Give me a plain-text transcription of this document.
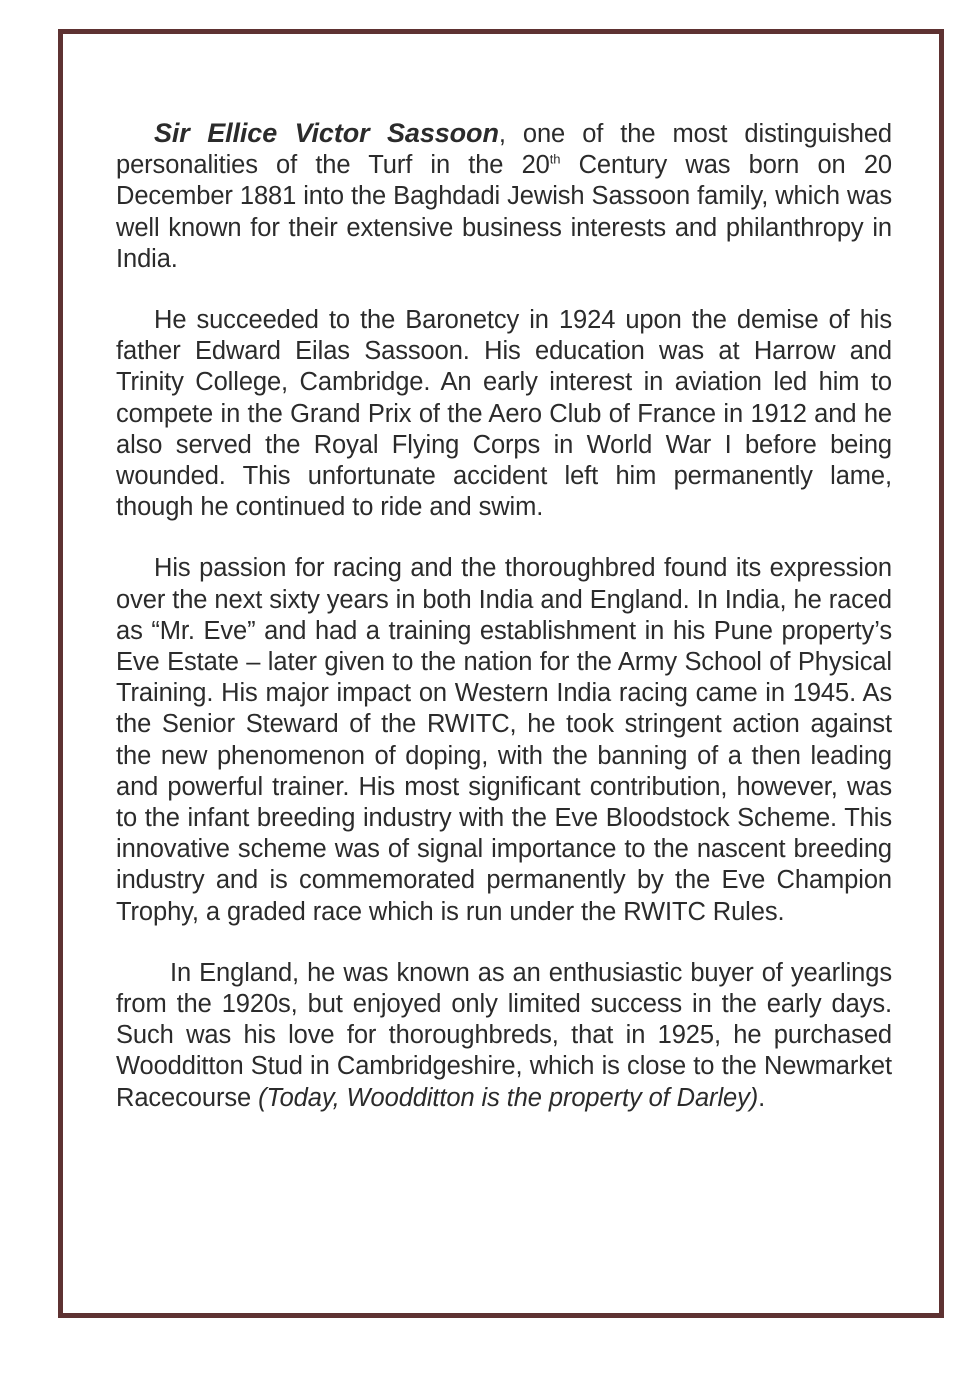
Sir Ellice Victor Sassoon, one of the most distinguished personalities of the Turf in the 20th Century was born on 20 December 1881 into the Baghdadi Jewish Sassoon family, which was well known for their extensive business interests and philanthropy in India.

He succeeded to the Baronetcy in 1924 upon the demise of his father Edward Eilas Sassoon. His education was at Harrow and Trinity College, Cambridge. An early interest in aviation led him to compete in the Grand Prix of the Aero Club of France in 1912 and he also served the Royal Flying Corps in World War I before being wounded. This unfortunate accident left him permanently lame, though he continued to ride and swim.

His passion for racing and the thoroughbred found its expression over the next sixty years in both India and England. In India, he raced as “Mr. Eve” and had a training establishment in his Pune property’s Eve Estate – later given to the nation for the Army School of Physical Training. His major impact on Western India racing came in 1945. As the Senior Steward of the RWITC, he took stringent action against the new phenomenon of doping, with the banning of a then leading and powerful trainer. His most significant contribution, however, was to the infant breeding industry with the Eve Bloodstock Scheme. This innovative scheme was of signal importance to the nascent breeding industry and is commemorated permanently by the Eve Champion Trophy, a graded race which is run under the RWITC Rules.

In England, he was known as an enthusiastic buyer of yearlings from the 1920s, but enjoyed only limited success in the early days. Such was his love for thoroughbreds, that in 1925, he purchased Woodditton Stud in Cambridgeshire, which is close to the Newmarket Racecourse (Today, Woodditton is the property of Darley).
